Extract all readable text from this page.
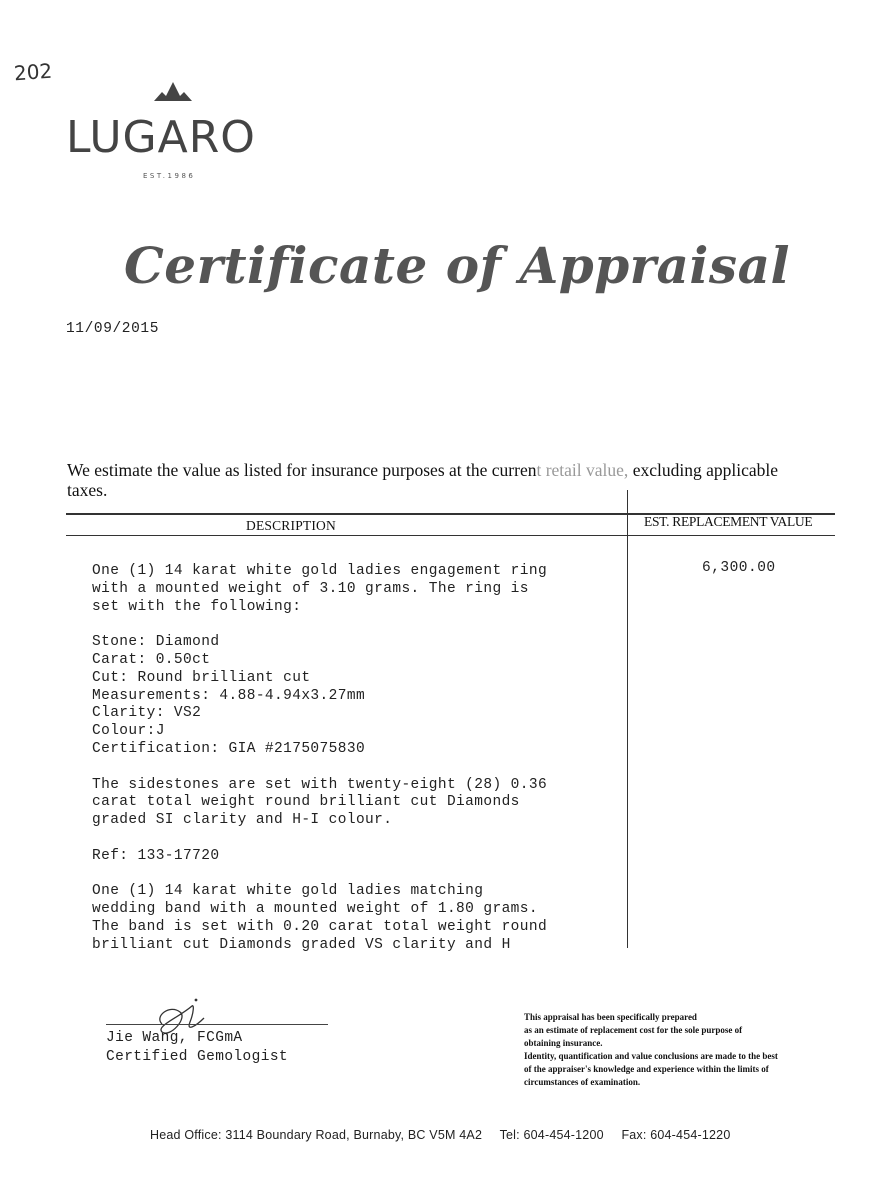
202
LUGARO
EST.1986
Certificate of Appraisal
11/09/2015
We estimate the value as listed for insurance purposes at the current retail value, excluding applicable taxes.
DESCRIPTION	EST. REPLACEMENT VALUE
One (1) 14 karat white gold ladies engagement ring
with a mounted weight of 3.10 grams. The ring is
set with the following:
Stone: Diamond
Carat: 0.50ct
Cut: Round brilliant cut
Measurements: 4.88-4.94x3.27mm
Clarity: VS2
Colour:J
Certification: GIA #2175075830
The sidestones are set with twenty-eight (28) 0.36
carat total weight round brilliant cut Diamonds
graded SI clarity and H-I colour.
Ref: 133-17720
One (1) 14 karat white gold ladies matching
wedding band with a mounted weight of 1.80 grams.
The band is set with 0.20 carat total weight round
brilliant cut Diamonds graded VS clarity and H
6,300.00
Jie Wang, FCGmA
Certified Gemologist
This appraisal has been specifically prepared
as an estimate of replacement cost for the sole purpose of
obtaining insurance.
Identity, quantification and value conclusions are made to the best
of the appraiser's knowledge and experience within the limits of
circumstances of examination.
Head Office: 3114 Boundary Road, Burnaby, BC V5M 4A2 Tel: 604-454-1200 Fax: 604-454-1220
